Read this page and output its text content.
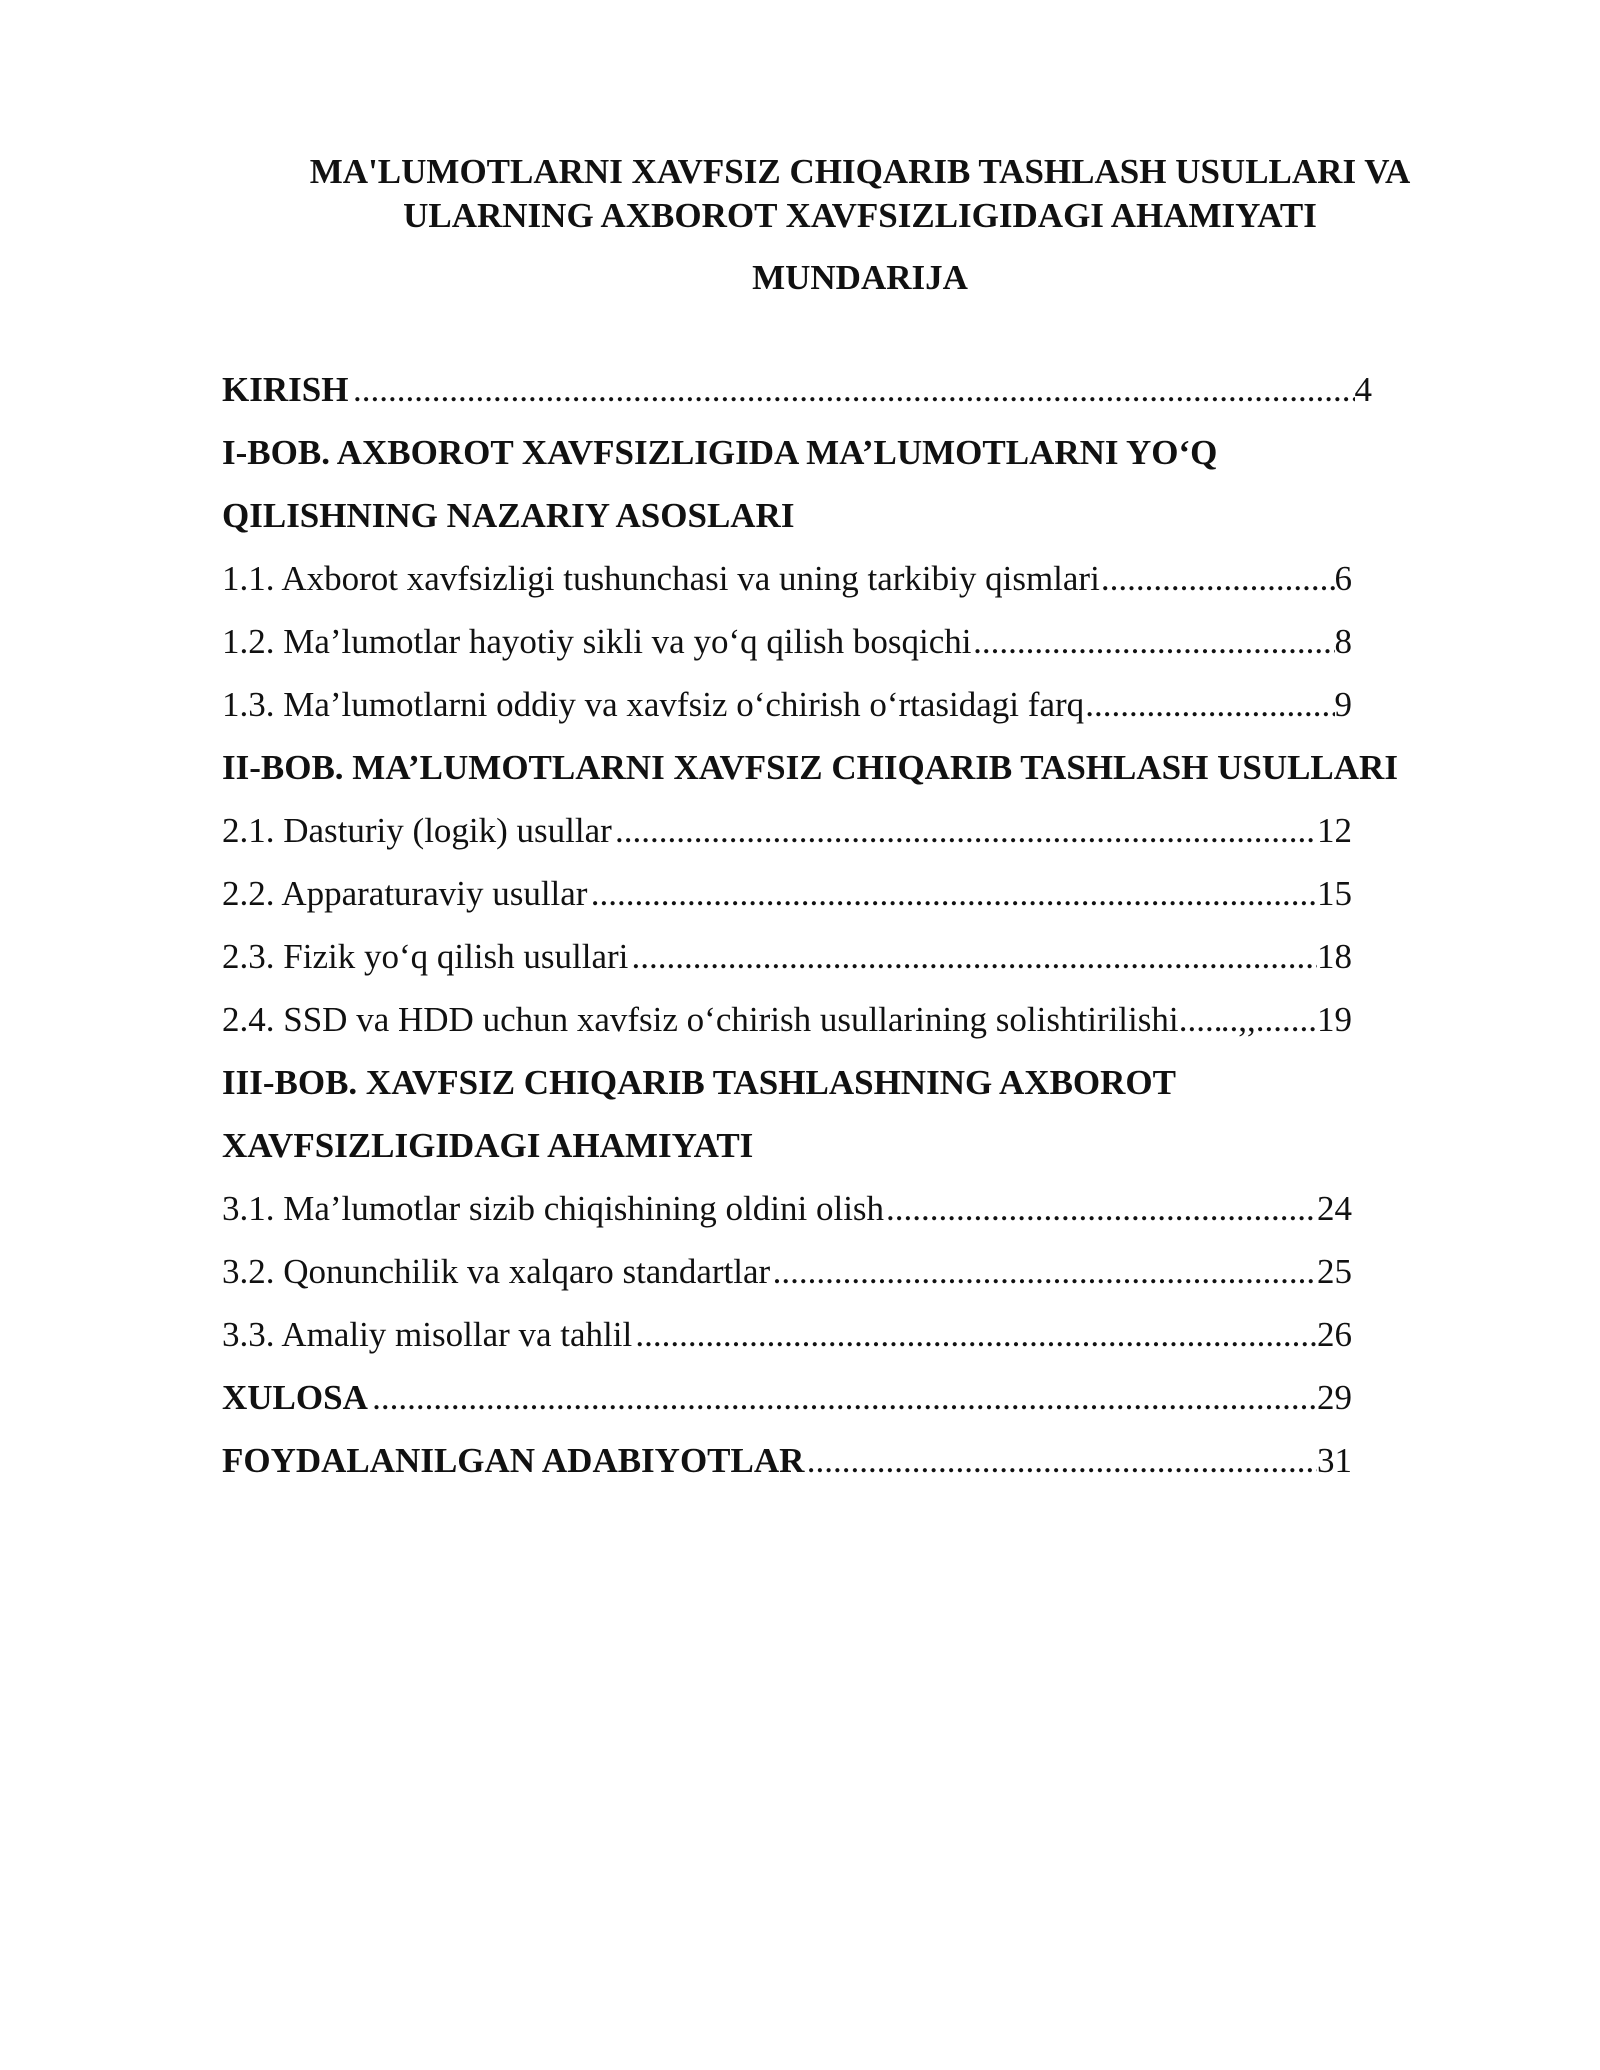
MA'LUMOTLARNI XAVFSIZ CHIQARIB TASHLASH USULLARI VA
ULARNING AXBOROT XAVFSIZLIGIDAGI AHAMIYATI
MUNDARIJA
KIRISH .....	4
I-BOB. AXBOROT XAVFSIZLIGIDA MA’LUMOTLARNI YO‘Q
QILISHNING NAZARIY ASOSLARI
1.1. Axborot xavfsizligi tushunchasi va uning tarkibiy qismlari .....	6
1.2. Ma’lumotlar hayotiy sikli va yo‘q qilish bosqichi .....	8
1.3. Ma’lumotlarni oddiy va xavfsiz o‘chirish o‘rtasidagi farq .....	9
II-BOB. MA’LUMOTLARNI XAVFSIZ CHIQARIB TASHLASH USULLARI
2.1. Dasturiy (logik) usullar .....	12
2.2. Apparaturaviy usullar .....	15
2.3. Fizik yo‘q qilish usullari .....	18
2.4. SSD va HDD uchun xavfsiz o‘chirish usullarining solishtirilishi ..... ..,,.......19
III-BOB. XAVFSIZ CHIQARIB TASHLASHNING AXBOROT
XAVFSIZLIGIDAGI AHAMIYATI
3.1. Ma’lumotlar sizib chiqishining oldini olish .....	24
3.2. Qonunchilik va xalqaro standartlar .....	25
3.3. Amaliy misollar va tahlil .....	26
XULOSA .....	29
FOYDALANILGAN ADABIYOTLAR .....	31
